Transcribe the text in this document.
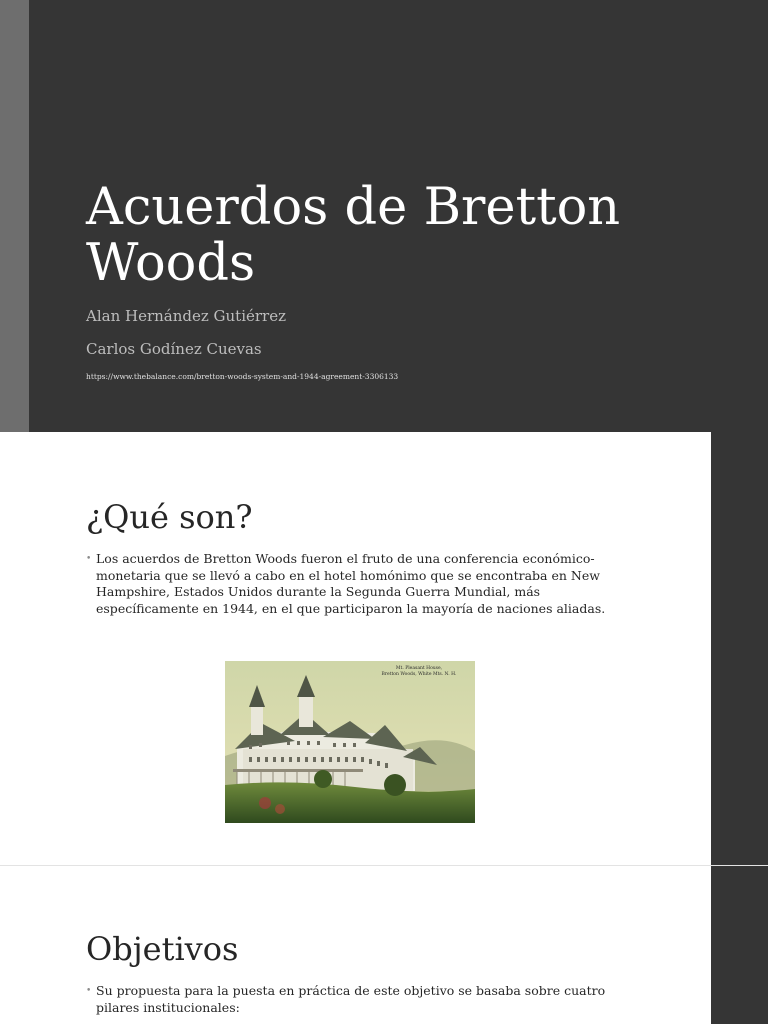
Acuerdos de Bretton Woods

Alan Hernández Gutiérrez

Carlos Godínez Cuevas

https://www.thebalance.com/bretton-woods-system-and-1944-agreement-3306133
¿Qué son?
• Los acuerdos de Bretton Woods fueron el fruto de una conferencia económico-monetaria que se llevó a cabo en el hotel homónimo que se encontraba en New Hampshire, Estados Unidos durante la Segunda Guerra Mundial, más específicamente en 1944, en el que participaron la mayoría de naciones aliadas.
Mt. Pleasant House,
Bretton Woods, White Mts. N. H.
Objetivos
• Su propuesta para la puesta en práctica de este objetivo se basaba sobre cuatro pilares institucionales:
